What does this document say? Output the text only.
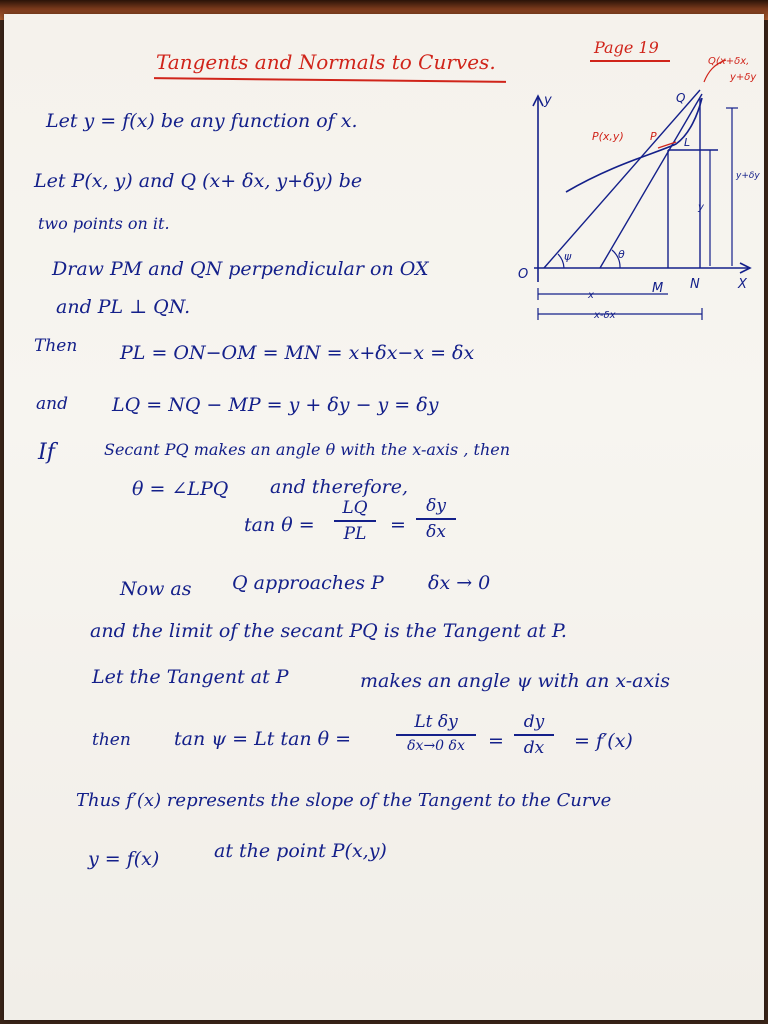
Tangents and Normals to Curves.
Page 19
y
X
O
M N
Q
L
P(x,y) P
Q(x+δx,
y+δy
ψ	θ
y+δy
y
x
x-δx
Let y = f(x) be any function of x.
Let P(x, y) and Q (x+ δx, y+δy) be
two points on it.
Draw PM and QN perpendicular on OX
and PL ⊥ QN.
Then PL = ON−OM = MN = x+δx−x = δx
and LQ = NQ − MP = y + δy − y = δy
If	Secant PQ makes an angle θ with the x-axis , then
θ = ∠LPQ and therefore,
tan θ =
LQ
PL	=
δy
δx
Now as Q approaches P δx → 0
and the limit of the secant PQ is the Tangent at P.
Let the Tangent at P	makes an angle ψ with an x-axis
then tan ψ = Lt tan θ =
Lt δy
δx→0 δx	=
dy
dx	= f′(x)
Thus f′(x) represents the slope of the Tangent to the Curve
y = f(x)	at the point P(x,y)
